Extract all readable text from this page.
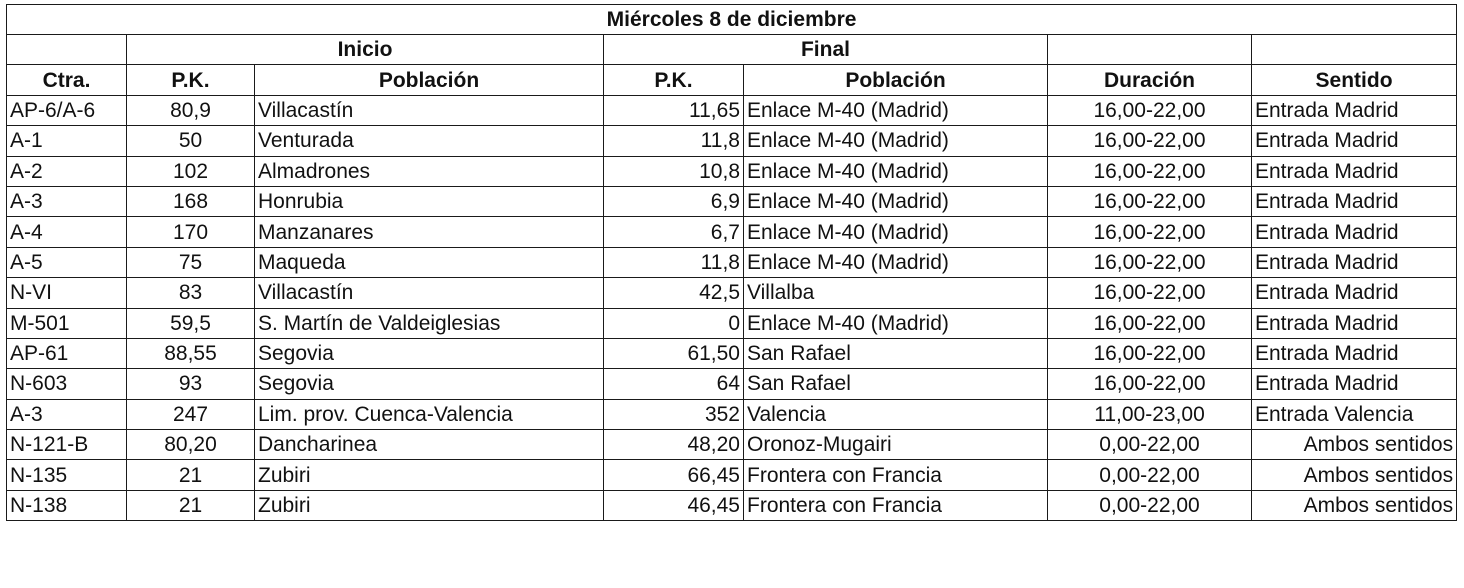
Miércoles 8 de diciembre						
	Inicio		Final			
Ctra.	P.K.	Población	P.K.	Población	Duración	Sentido
AP-6/A-6	80,9	Villacastín	11,65	Enlace M-40 (Madrid)	16,00-22,00	Entrada Madrid
A-1	50	Venturada	11,8	Enlace M-40 (Madrid)	16,00-22,00	Entrada Madrid
A-2	102	Almadrones	10,8	Enlace M-40 (Madrid)	16,00-22,00	Entrada Madrid
A-3	168	Honrubia	6,9	Enlace M-40 (Madrid)	16,00-22,00	Entrada Madrid
A-4	170	Manzanares	6,7	Enlace M-40 (Madrid)	16,00-22,00	Entrada Madrid
A-5	75	Maqueda	11,8	Enlace M-40 (Madrid)	16,00-22,00	Entrada Madrid
N-VI	83	Villacastín	42,5	Villalba	16,00-22,00	Entrada Madrid
M-501	59,5	S. Martín de Valdeiglesias	0	Enlace M-40 (Madrid)	16,00-22,00	Entrada Madrid
AP-61	88,55	Segovia	61,50	San Rafael	16,00-22,00	Entrada Madrid
N-603	93	Segovia	64	San Rafael	16,00-22,00	Entrada Madrid
A-3	247	Lim. prov. Cuenca-Valencia	352	Valencia	11,00-23,00	Entrada Valencia
N-121-B	80,20	Dancharinea	48,20	Oronoz-Mugairi	0,00-22,00	Ambos sentidos
N-135	21	Zubiri	66,45	Frontera con Francia	0,00-22,00	Ambos sentidos
N-138	21	Zubiri	46,45	Frontera con Francia	0,00-22,00	Ambos sentidos
